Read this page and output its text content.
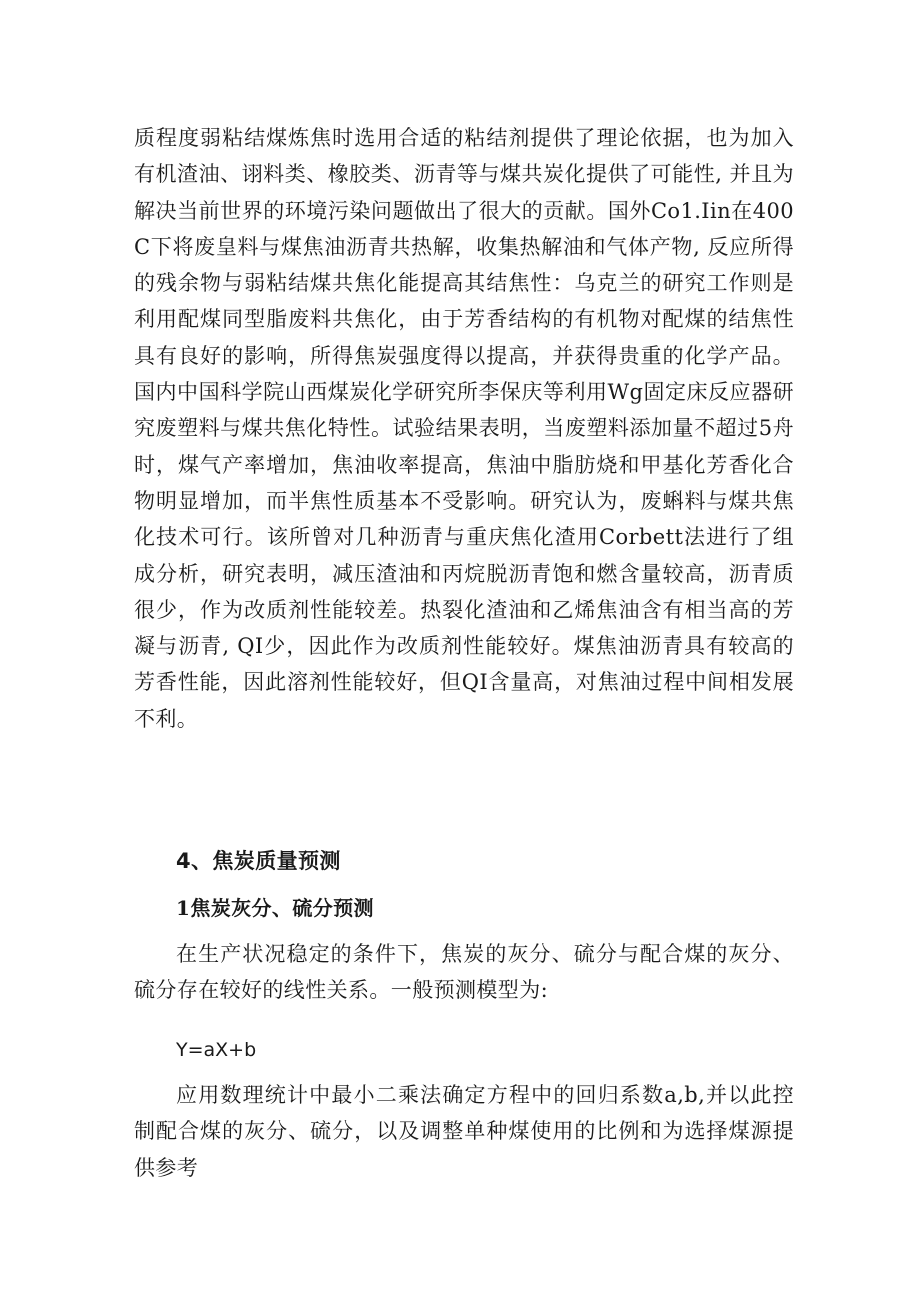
质程度弱粘结煤炼焦时选用合适的粘结剂提供了理论依据，也为加入有机渣油、诩料类、橡胶类、沥青等与煤共炭化提供了可能性, 并且为解决当前世界的环境污染问题做出了很大的贡献。国外Co1.Iin在400C下将废皇料与煤焦油沥青共热解，收集热解油和气体产物, 反应所得的残余物与弱粘结煤共焦化能提高其结焦性：乌克兰的研究工作则是利用配煤同型脂废料共焦化，由于芳香结构的有机物对配煤的结焦性具有良好的影响，所得焦炭强度得以提高，并获得贵重的化学产品。国内中国科学院山西煤炭化学研究所李保庆等利用Wg固定床反应器研究废塑料与煤共焦化特性。试验结果表明，当废塑料添加量不超过5舟时，煤气产率增加，焦油收率提高，焦油中脂肪烧和甲基化芳香化合物明显增加，而半焦性质基本不受影响。研究认为，废蝌料与煤共焦化技术可行。该所曾对几种沥青与重庆焦化渣用Corbett法进行了组成分析，研究表明，减压渣油和丙烷脱沥青饱和燃含量较高，沥青质很少，作为改质剂性能较差。热裂化渣油和乙烯焦油含有相当高的芳凝与沥青, QI少，因此作为改质剂性能较好。煤焦油沥青具有较高的芳香性能，因此溶剂性能较好，但QI含量高，对焦油过程中间相发展不利。

4、焦炭质量预测
1焦炭灰分、硫分预测

在生产状况稳定的条件下，焦炭的灰分、硫分与配合煤的灰分、硫分存在较好的线性关系。一般预测模型为:

Y=aX+b

应用数理统计中最小二乘法确定方程中的回归系数a,b,并以此控制配合煤的灰分、硫分，以及调整单种煤使用的比例和为选择煤源提供参考
